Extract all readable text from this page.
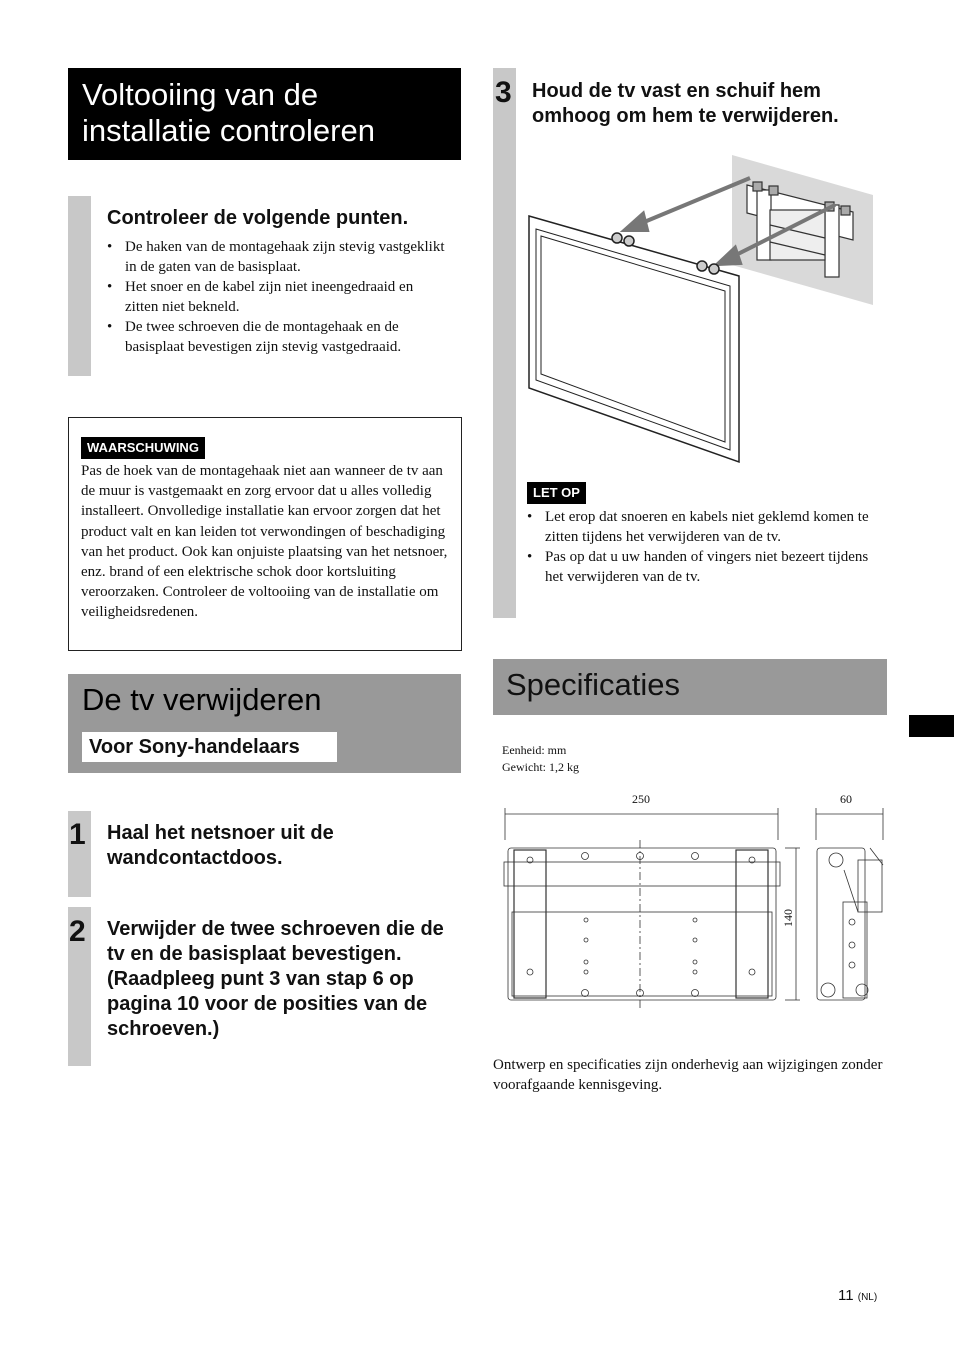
Voltooiing van de installatie controleren
Controleer de volgende punten.
• De haken van de montagehaak zijn stevig vastgeklikt in de gaten van de basisplaat.
• Het snoer en de kabel zijn niet ineengedraaid en zitten niet bekneld.
• De twee schroeven die de montagehaak en de basisplaat bevestigen zijn stevig vastgedraaid.
WAARSCHUWING
Pas de hoek van de montagehaak niet aan wanneer de tv aan de muur is vastgemaakt en zorg ervoor dat u alles volledig installeert. Onvolledige installatie kan ervoor zorgen dat het product valt en kan leiden tot verwondingen of beschadiging van het product. Ook kan onjuiste plaatsing van het netsnoer, enz. brand of een elektrische schok door kortsluiting veroorzaken. Controleer de voltooiing van de installatie om veiligheidsredenen.
De tv verwijderen
Voor Sony-handelaars
1 Haal het netsnoer uit de wandcontactdoos.
2 Verwijder de twee schroeven die de tv en de basisplaat bevestigen. (Raadpleeg punt 3 van stap 6 op pagina 10 voor de posities van de schroeven.)
3 Houd de tv vast en schuif hem omhoog om hem te verwijderen.
LET OP
• Let erop dat snoeren en kabels niet geklemd komen te zitten tijdens het verwijderen van de tv.
• Pas op dat u uw handen of vingers niet bezeert tijdens het verwijderen van de tv.
Specificaties
Eenheid: mm
Gewicht: 1,2 kg
250	60
140
Ontwerp en specificaties zijn onderhevig aan wijzigingen zonder voorafgaande kennisgeving.
11 (NL)
